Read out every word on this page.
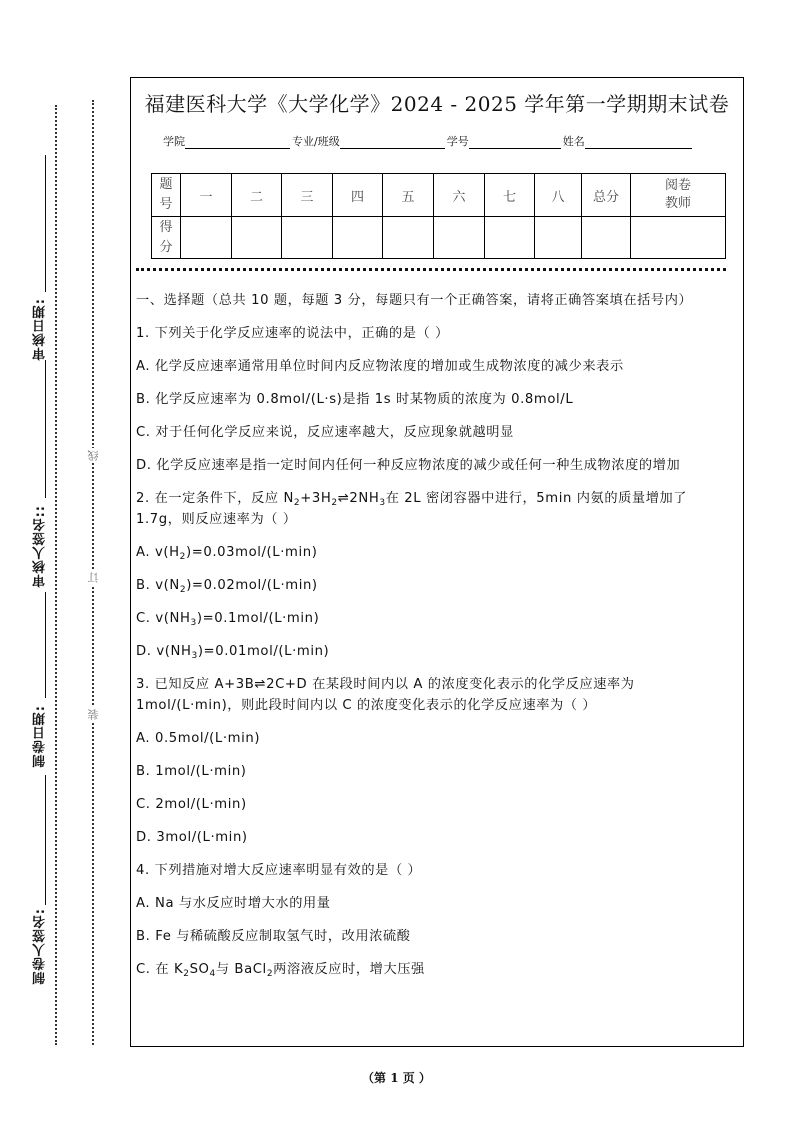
审核日期:
审核人签名::
制卷日期:
制卷人签名:
线
订
装
福建医科大学《大学化学》2024 - 2025 学年第一学期期末试卷
学院	专业/班级	学号	姓名
题号	一	二	三	四	五	六	七	八	总分	阅卷教师
得分										

一、选择题（总共 10 题，每题 3 分，每题只有一个正确答案，请将正确答案填在括号内）

1. 下列关于化学反应速率的说法中，正确的是（ ）

A. 化学反应速率通常用单位时间内反应物浓度的增加或生成物浓度的减少来表示

B. 化学反应速率为 0.8mol/(L·s)是指 1s 时某物质的浓度为 0.8mol/L

C. 对于任何化学反应来说，反应速率越大，反应现象就越明显

D. 化学反应速率是指一定时间内任何一种反应物浓度的减少或任何一种生成物浓度的增加

2. 在一定条件下，反应 $N_2+3H_2\rightleftharpoons 2NH_3$在 2L 密闭容器中进行，5min 内氨的质量增加了 1.7g，则反应速率为（ ）

A. $v(H_2)=0.03mol/(L\cdot\min)$

B. $v(N_2)=0.02mol/(L\cdot\min)$

C. $v(NH_3)=0.1mol/(L\cdot\min)$

D. $v(NH_3)=0.01mol/(L\cdot\min)$

3. 已知反应 A+3B⇌2C+D 在某段时间内以 A 的浓度变化表示的化学反应速率为 1mol/(L·min)，则此段时间内以 C 的浓度变化表示的化学反应速率为（ ）

A. 0.5mol/(L·min)

B. 1mol/(L·min)

C. 2mol/(L·min)

D. 3mol/(L·min)

4. 下列措施对增大反应速率明显有效的是（ ）

A. Na 与水反应时增大水的用量

B. Fe 与稀硫酸反应制取氢气时，改用浓硫酸

C. 在 $K_2SO_4$与 BaCl$_2$两溶液反应时，增大压强

（第 1 页 ）
